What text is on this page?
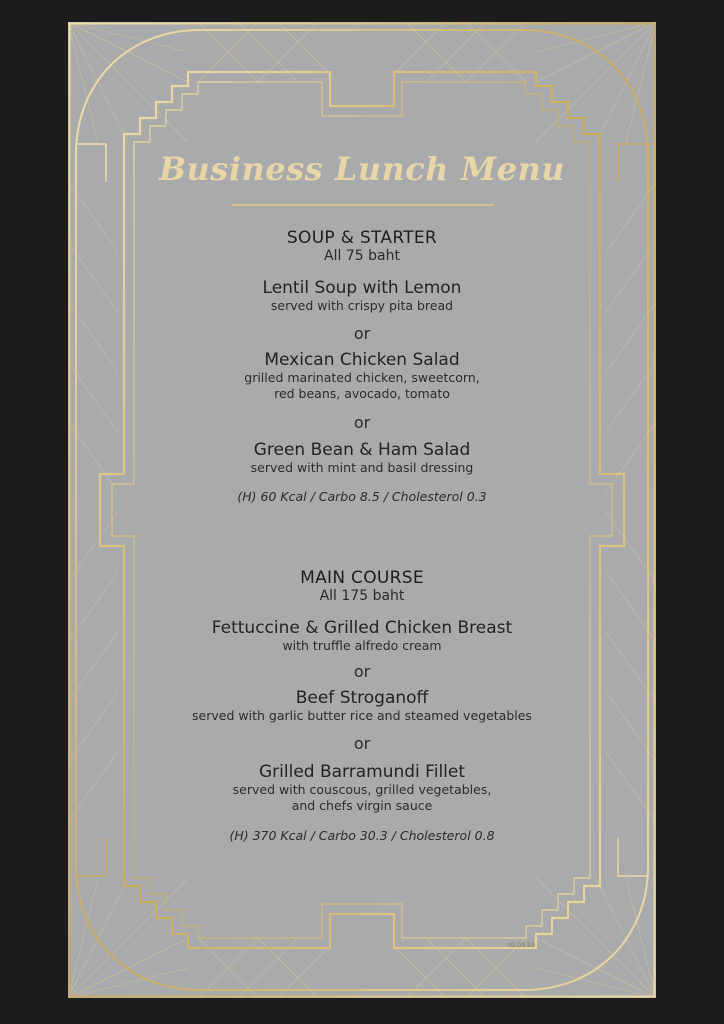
Business Lunch Menu
SOUP & STARTER
All 75 baht
Lentil Soup with Lemon
served with crispy pita bread
or
Mexican Chicken Salad
grilled marinated chicken, sweetcorn,
red beans, avocado, tomato
or
Green Bean & Ham Salad
served with mint and basil dressing
(H) 60 Kcal / Carbo 8.5 / Cholesterol 0.3
MAIN COURSE
All 175 baht
Fettuccine & Grilled Chicken Breast
with truffle alfredo cream
or
Beef Stroganoff
served with garlic butter rice and steamed vegetables
or
Grilled Barramundi Fillet
served with couscous, grilled vegetables,
and chefs virgin sauce
(H) 370 Kcal / Carbo 30.3 / Cholesterol 0.8
02.05.22
